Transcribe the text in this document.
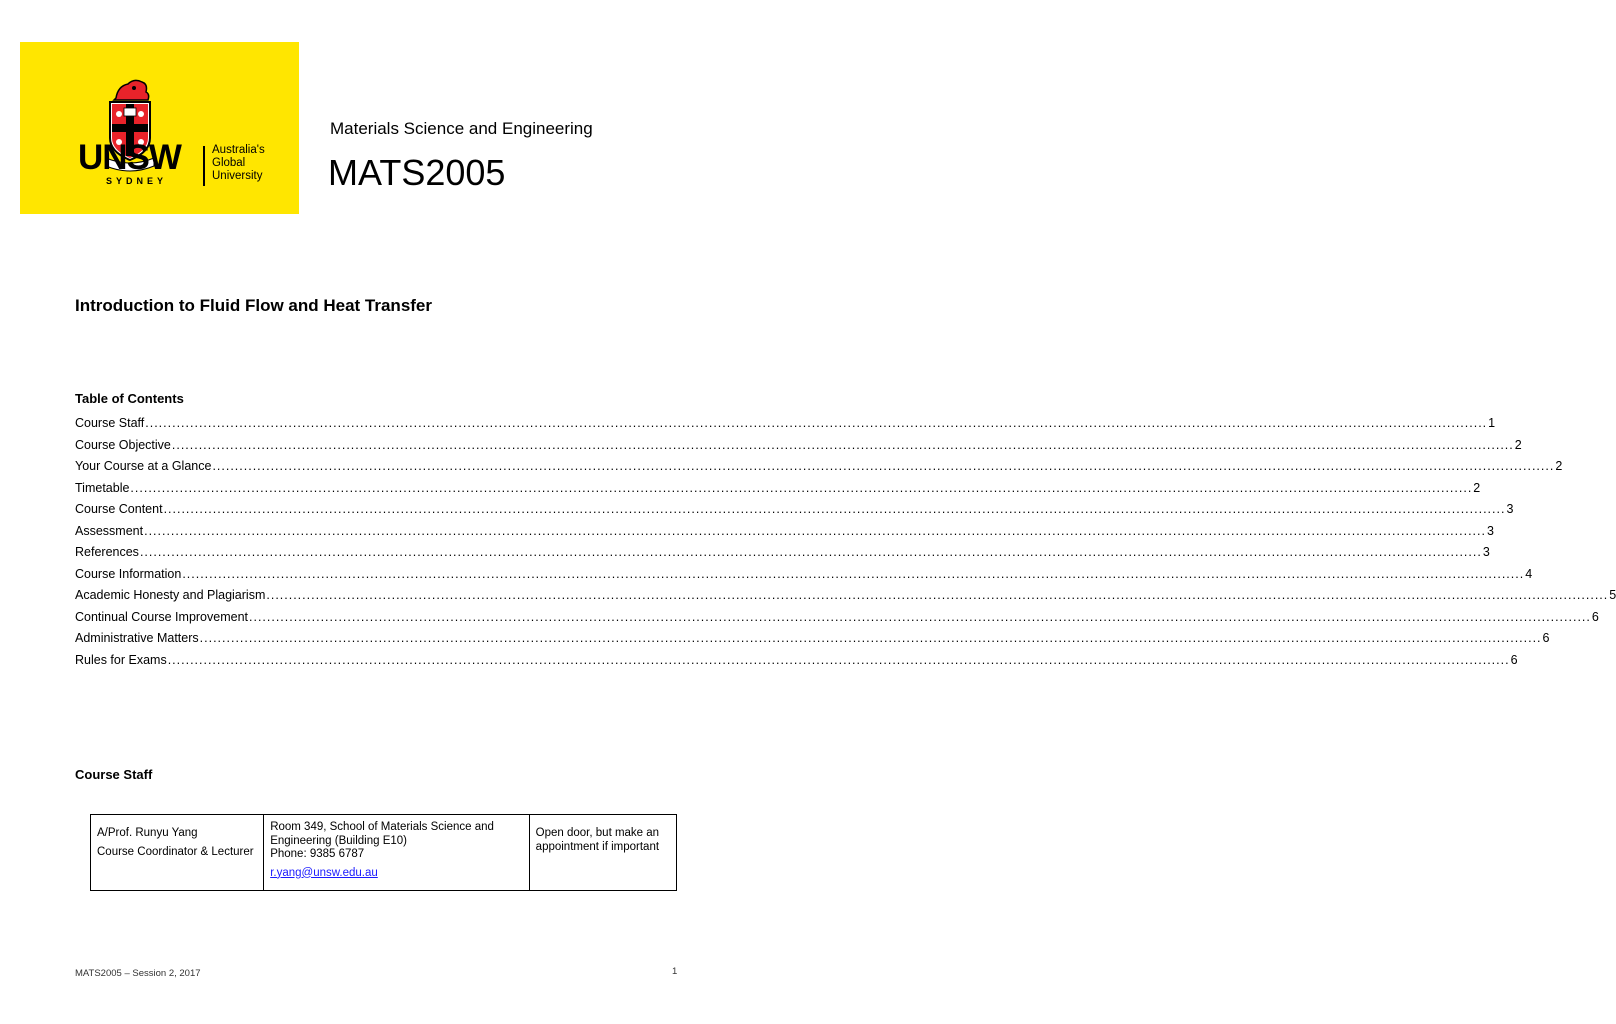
UNSW
SYDNEY
Australia's
Global
University
Materials Science and Engineering
MATS2005
Introduction to Fluid Flow and Heat Transfer
Table of Contents
Course Staff ............................................................................................................................................................................................................................................................................................................ 1
Course Objective ............................................................................................................................................................................................................................................................................................................ 2
Your Course at a Glance ............................................................................................................................................................................................................................................................................................................ 2
Timetable ............................................................................................................................................................................................................................................................................................................ 2
Course Content ............................................................................................................................................................................................................................................................................................................ 3
Assessment ............................................................................................................................................................................................................................................................................................................ 3
References ............................................................................................................................................................................................................................................................................................................ 3
Course Information ............................................................................................................................................................................................................................................................................................................ 4
Academic Honesty and Plagiarism ............................................................................................................................................................................................................................................................................................................ 5
Continual Course Improvement ............................................................................................................................................................................................................................................................................................................ 6
Administrative Matters ............................................................................................................................................................................................................................................................................................................ 6
Rules for Exams ............................................................................................................................................................................................................................................................................................................ 6
Course Staff
A/Prof. Runyu Yang
Course Coordinator & Lecturer

Room 349, School of Materials Science and Engineering (Building E10)
Phone: 9385 6787
r.yang@unsw.edu.au

Open door, but make an appointment if important
MATS2005 – Session 2, 2017	1
